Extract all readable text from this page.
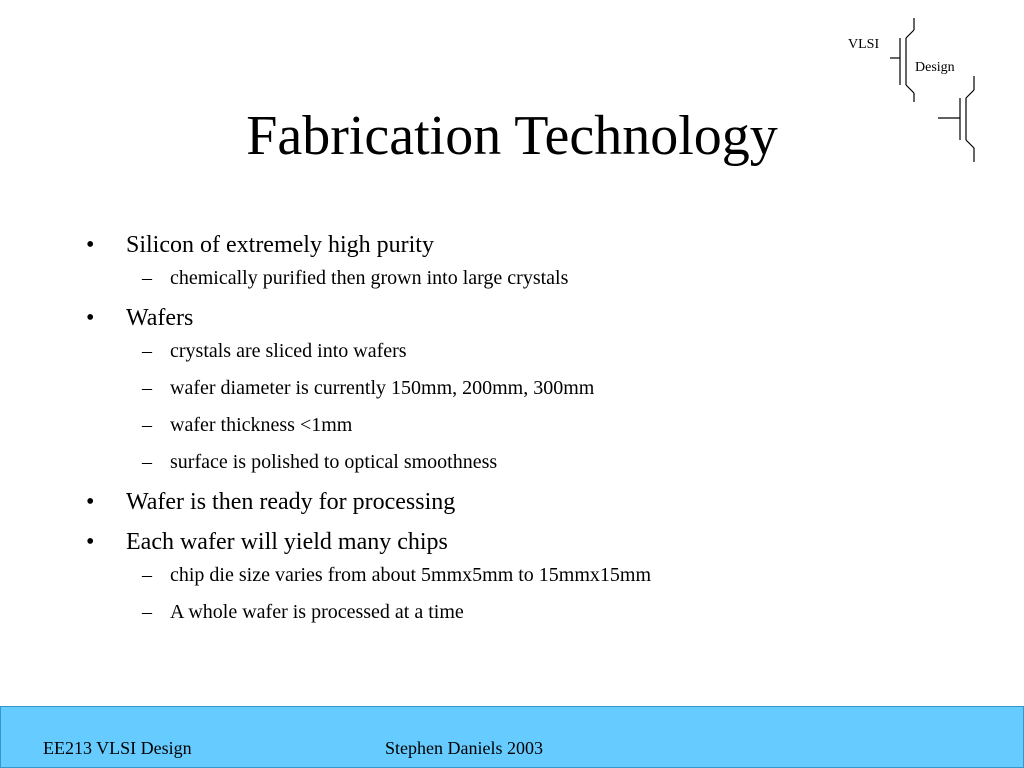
VLSI
Design
Fabrication Technology
•	Silicon of extremely high purity
– chemically purified then grown into large crystals
•	Wafers
– crystals are sliced into wafers
– wafer diameter is currently 150mm, 200mm, 300mm
– wafer thickness <1mm
– surface is polished to optical smoothness
•	Wafer is then ready for processing
•	Each wafer will yield many chips
– chip die size varies from about 5mmx5mm to 15mmx15mm
– A whole wafer is processed at a time
EE213 VLSI Design	Stephen Daniels 2003
